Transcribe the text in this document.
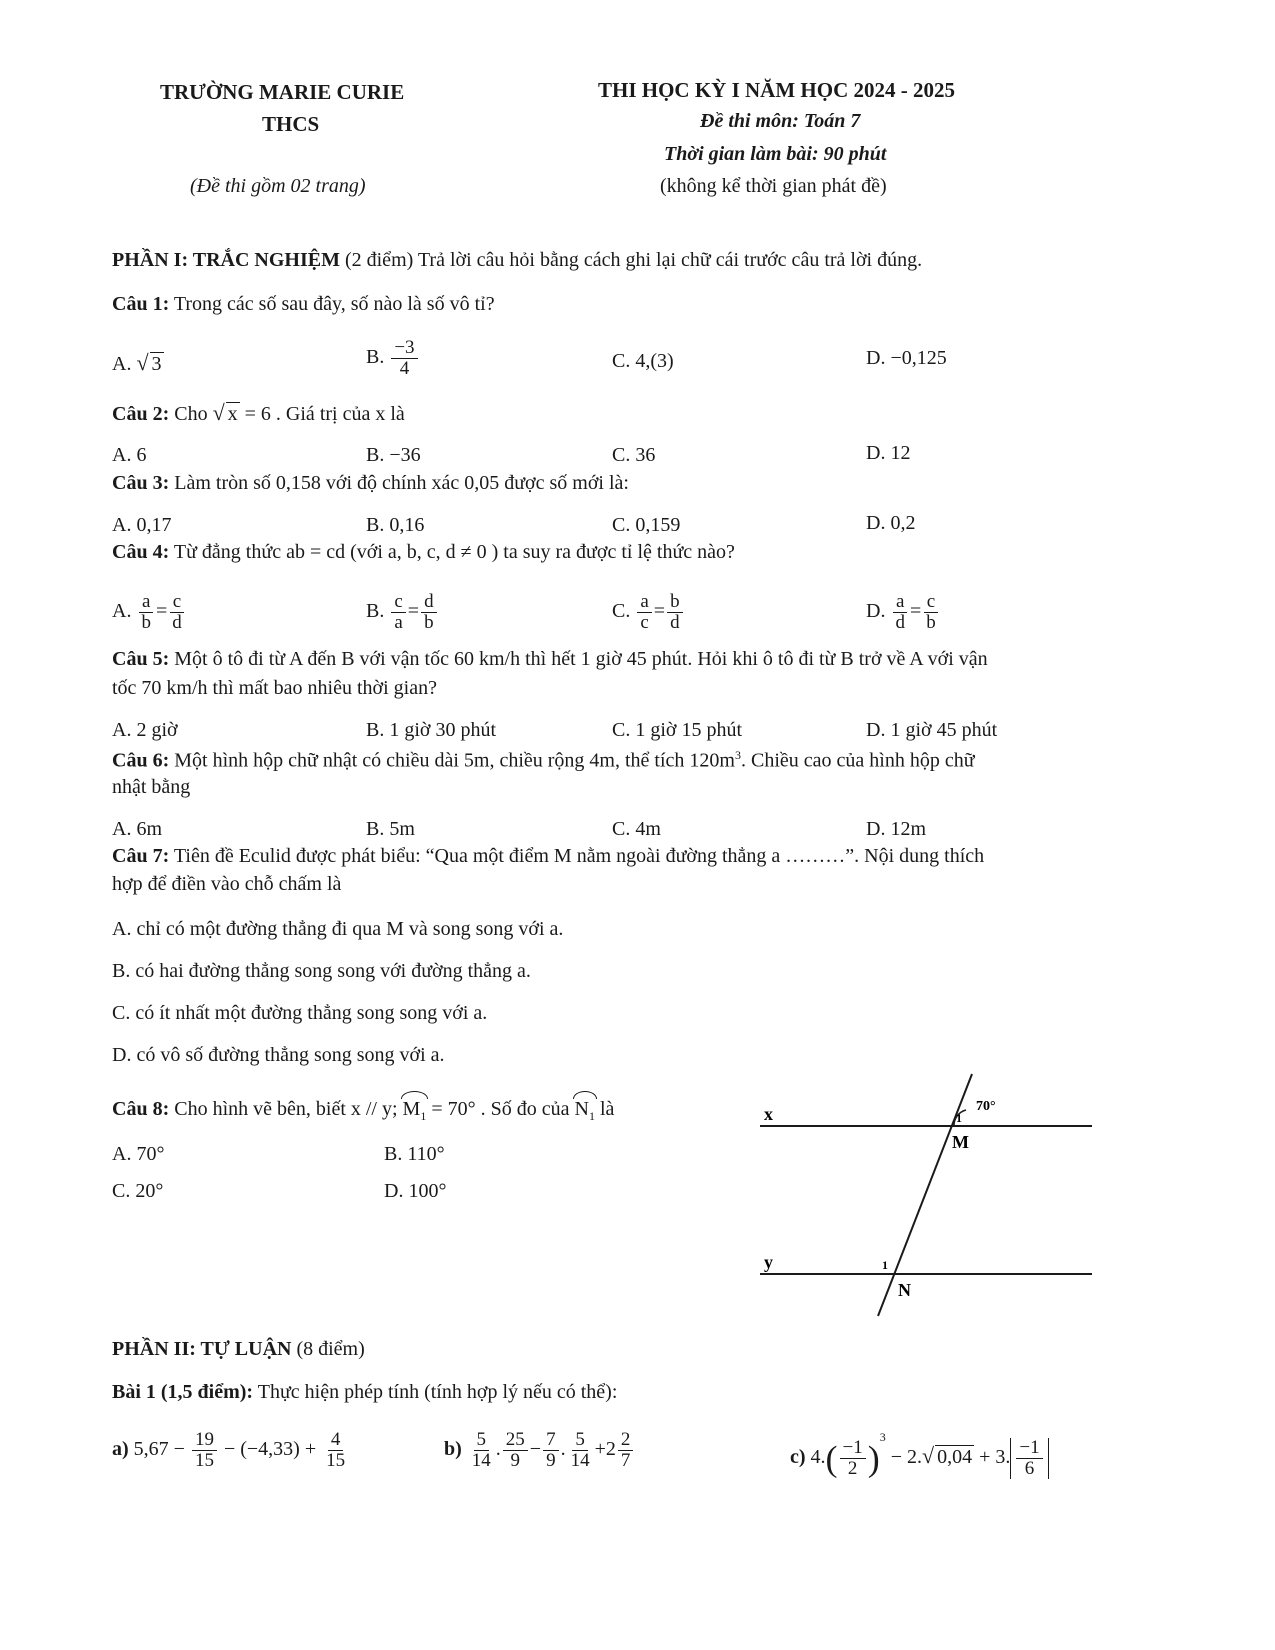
TRƯỜNG MARIE CURIE
THCS
(Đề thi gồm 02 trang)
THI HỌC KỲ I NĂM HỌC 2024 - 2025
Đề thi môn: Toán 7
Thời gian làm bài: 90 phút
(không kể thời gian phát đề)
PHẦN I: TRẮC NGHIỆM (2 điểm) Trả lời câu hỏi bằng cách ghi lại chữ cái trước câu trả lời đúng.
Câu 1: Trong các số sau đây, số nào là số vô tỉ?
A. √ 3	B. $\frac{-3}{4}$	C. 4,(3)	D. −0,125
Câu 2: Cho √ x = 6 . Giá trị của x là
A. 6	B. −36	C. 36	D. 12
Câu 3: Làm tròn số 0,158 với độ chính xác 0,05 được số mới là:
A. 0,17	B. 0,16	C. 0,159	D. 0,2
Câu 4: Từ đẳng thức ab = cd (với a, b, c, d ≠ 0 ) ta suy ra được tỉ lệ thức nào?
A. $\frac{a}{b} = \frac{c}{d}$	B. $\frac{c}{a} = \frac{d}{b}$	C. $\frac{a}{c} = \frac{b}{d}$	D. $\frac{a}{d} = \frac{c}{b}$
Câu 5: Một ô tô đi từ A đến B với vận tốc 60 km/h thì hết 1 giờ 45 phút. Hỏi khi ô tô đi từ B trở về A với vận
tốc 70 km/h thì mất bao nhiêu thời gian?
A. 2 giờ	B. 1 giờ 30 phút	C. 1 giờ 15 phút	D. 1 giờ 45 phút
Câu 6: Một hình hộp chữ nhật có chiều dài 5m, chiều rộng 4m, thể tích $120m^3$. Chiều cao của hình hộp chữ
nhật bằng
A. 6m	B. 5m	C. 4m	D. 12m
Câu 7: Tiên đề Eculid được phát biểu: “Qua một điểm M nằm ngoài đường thẳng a ………”. Nội dung thích
hợp để điền vào chỗ chấm là
A. chỉ có một đường thẳng đi qua M và song song với a.
B. có hai đường thẳng song song với đường thẳng a.
C. có ít nhất một đường thẳng song song với a.
D. có vô số đường thẳng song song với a.
Câu 8: Cho hình vẽ bên, biết x // y; $M_1 = 70^\circ$ . Số đo của $N_1$ là
A. 70°	B. 110°
C. 20°	D. 100°
x
y
M
N
70°
1
1
PHẦN II: TỰ LUẬN (8 điểm)
Bài 1 (1,5 điểm): Thực hiện phép tính (tính hợp lý nếu có thể):
a) $5,67 - \frac{19}{15} - (-4,33) + \frac{4}{15}$	$b) \frac{5}{14}$ . $\frac{25}{9} - \frac{7}{9}$ . $\frac{5}{14} +2 \frac{2}{7}$	c) $4.( \frac{-1}{2} )^3 - 2.√$ 0,04 + 3. $\frac{-1}{6}$
